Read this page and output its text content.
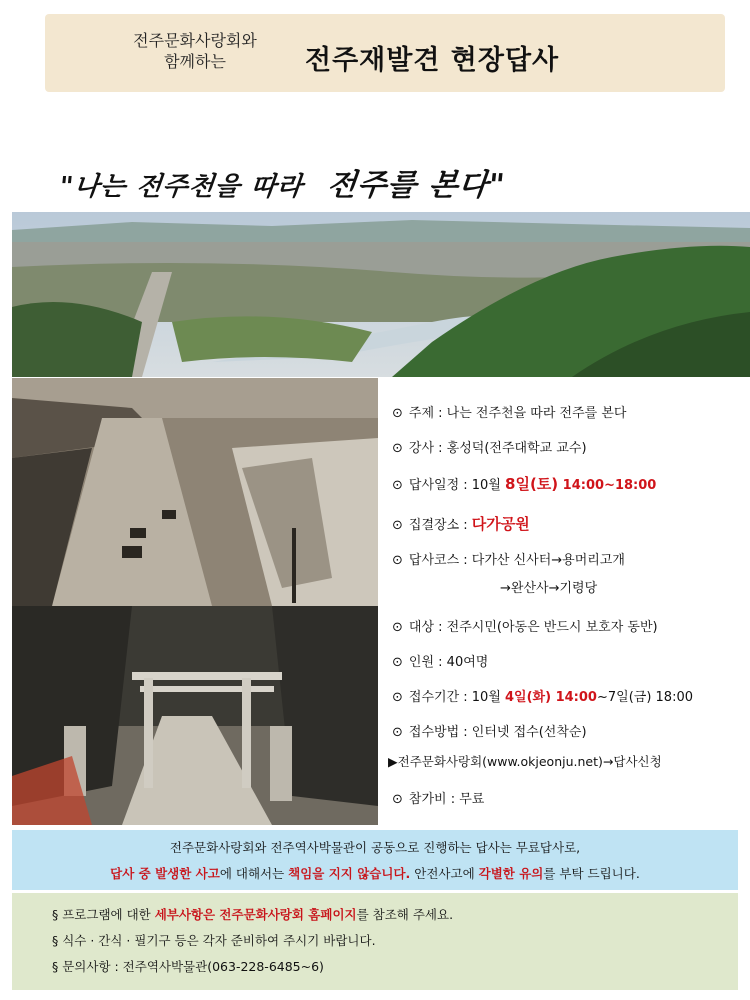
전주문화사랑회와
함께하는	전주재발견 현장답사
"나는 전주천을 따라 전주를 본다"
⊙ 주제 : 나는 전주천을 따라 전주를 본다
⊙ 강사 : 홍성덕(전주대학교 교수)
⊙ 답사일정 : 10월 8일(토) 14:00~18:00
⊙ 집결장소 : 다가공원
⊙ 답사코스 : 다가산 신사터→용머리고개
→완산사→기령당
⊙ 대상 : 전주시민(아동은 반드시 보호자 동반)
⊙ 인원 : 40여명
⊙ 접수기간 : 10월 4일(화) 14:00~7일(금) 18:00
⊙ 접수방법 : 인터넷 접수(선착순)
▶전주문화사랑회(www.okjeonju.net)→답사신청
⊙ 참가비 : 무료
전주문화사랑회와 전주역사박물관이 공동으로 진행하는 답사는 무료답사로,
답사 중 발생한 사고에 대해서는 책임을 지지 않습니다. 안전사고에 각별한 유의를 부탁 드립니다.
§ 프로그램에 대한 세부사항은 전주문화사랑회 홈페이지를 참조해 주세요.
§ 식수 · 간식 · 필기구 등은 각자 준비하여 주시기 바랍니다.
§ 문의사항 : 전주역사박물관(063-228-6485~6)
